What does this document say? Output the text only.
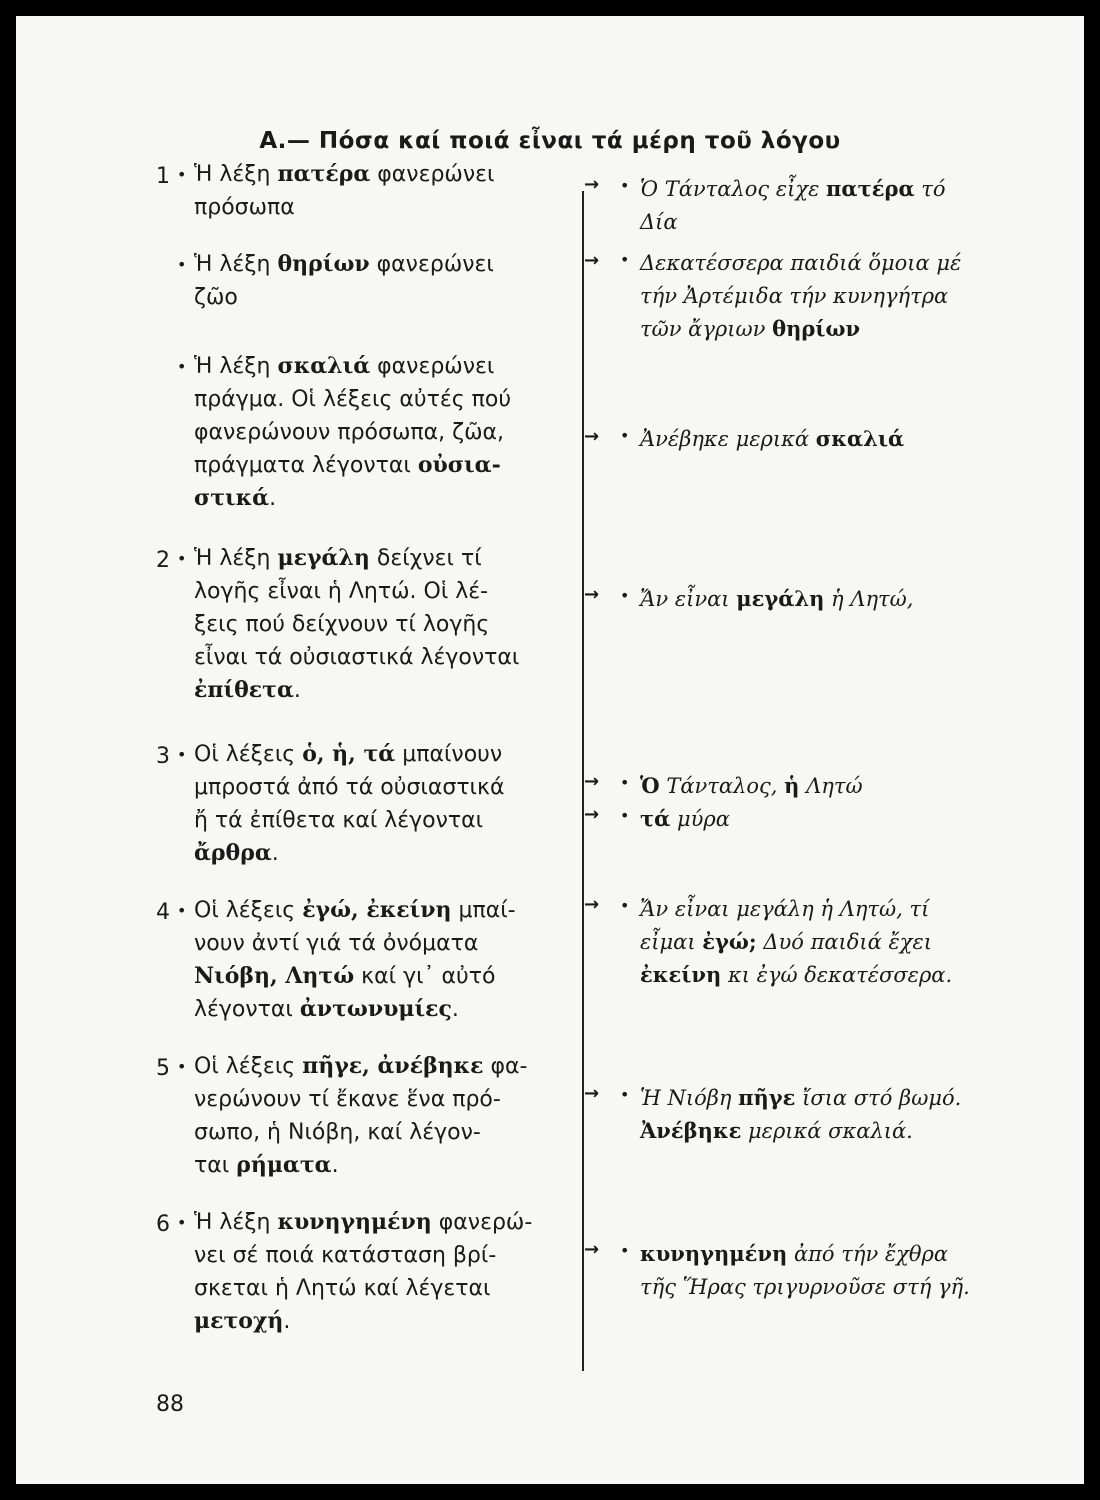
Α.— Πόσα καί ποιά εἶναι τά μέρη τοῦ λόγου
1 • Ἡ λέξη πατέρα φανερώνει
πρόσωπα
• Ἡ λέξη θηρίων φανερώνει
ζῶο
• Ἡ λέξη σκαλιά φανερώνει
πράγμα. Οἱ λέξεις αὐτές πού
φανερώνουν πρόσωπα, ζῶα,
πράγματα λέγονται οὐσια-
στικά.
Ὁ Τάνταλος εἶχε πατέρα τό
•
Δία
Δεκατέσσερα παιδιά ὅμοια μέ
•
τήν Ἀρτέμιδα τήν κυνηγήτρα
τῶν ἄγριων θηρίων
Ἀνέβηκε μερικά σκαλιά
•
→
→
→
2 • Ἡ λέξη μεγάλη δείχνει τί
λογῆς εἶναι ἡ Λητώ. Οἱ λέ-
ξεις πού δείχνουν τί λογῆς
εἶναι τά οὐσιαστικά λέγονται
ἐπίθετα.
Ἄν εἶναι μεγάλη ἡ Λητώ,
•
→
3 • Οἱ λέξεις ὁ, ἡ, τά μπαίνουν
μπροστά ἀπό τά οὐσιαστικά
ἤ τά ἐπίθετα καί λέγονται
ἄρθρα.
Ὁ Τάνταλος, ἡ Λητώ
•
τά μύρα
•
→
→
4 • Οἱ λέξεις ἐγώ, ἐκείνη μπαί-
νουν ἀντί γιά τά ὀνόματα
Νιόβη, Λητώ καί γι᾿ αὐτό
λέγονται ἀντωνυμίες.
Ἄν εἶναι μεγάλη ἡ Λητώ, τί
•
εἶμαι ἐγώ; Δυό παιδιά ἔχει
ἐκείνη κι ἐγώ δεκατέσσερα.
→
5 • Οἱ λέξεις πῆγε, ἀνέβηκε φα-
νερώνουν τί ἔκανε ἕνα πρό-
σωπο, ἡ Νιόβη, καί λέγον-
ται ρήματα.
Ἡ Νιόβη πῆγε ἴσια στό βωμό.
•
Ἀνέβηκε μερικά σκαλιά.
→
6 • Ἡ λέξη κυνηγημένη φανερώ-
νει σέ ποιά κατάσταση βρί-
σκεται ἡ Λητώ καί λέγεται
μετοχή.
κυνηγημένη ἀπό τήν ἔχθρα
•
τῆς Ἥρας τριγυρνοῦσε στή γῆ.
→
88
